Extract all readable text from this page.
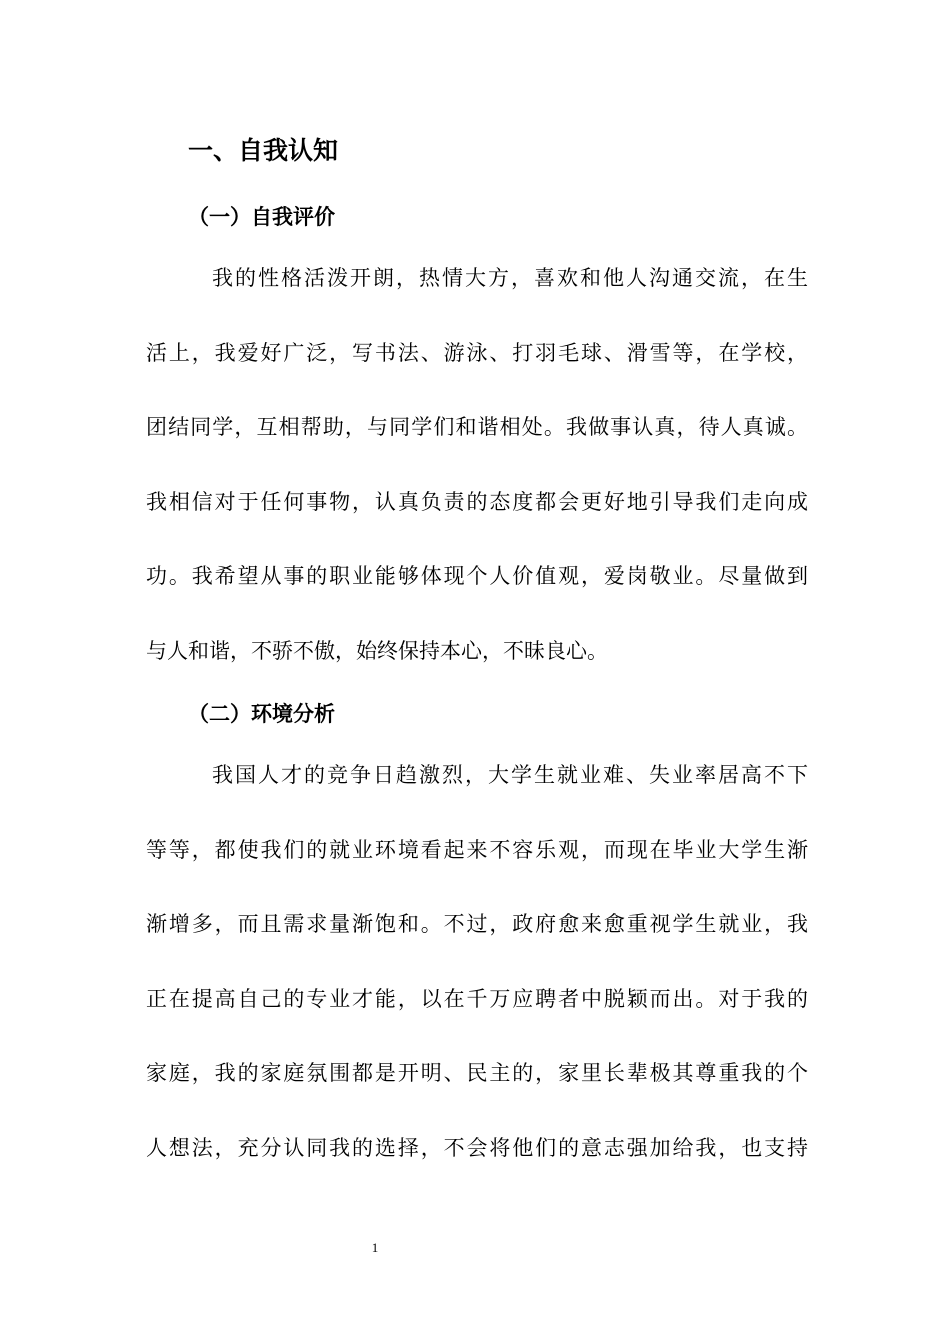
一、自我认知
（一）自我评价
我的性格活泼开朗，热情大方，喜欢和他人沟通交流，在生
活上，我爱好广泛，写书法、游泳、打羽毛球、滑雪等，在学校，
团结同学，互相帮助，与同学们和谐相处。我做事认真，待人真诚。
我相信对于任何事物，认真负责的态度都会更好地引导我们走向成
功。我希望从事的职业能够体现个人价值观，爱岗敬业。尽量做到
与人和谐，不骄不傲，始终保持本心，不昧良心。
（二）环境分析
我国人才的竞争日趋激烈，大学生就业难、失业率居高不下
等等，都使我们的就业环境看起来不容乐观，而现在毕业大学生渐
渐增多，而且需求量渐饱和。不过，政府愈来愈重视学生就业，我
正在提高自己的专业才能，以在千万应聘者中脱颖而出。对于我的
家庭，我的家庭氛围都是开明、民主的，家里长辈极其尊重我的个
人想法，充分认同我的选择，不会将他们的意志强加给我，也支持
1
